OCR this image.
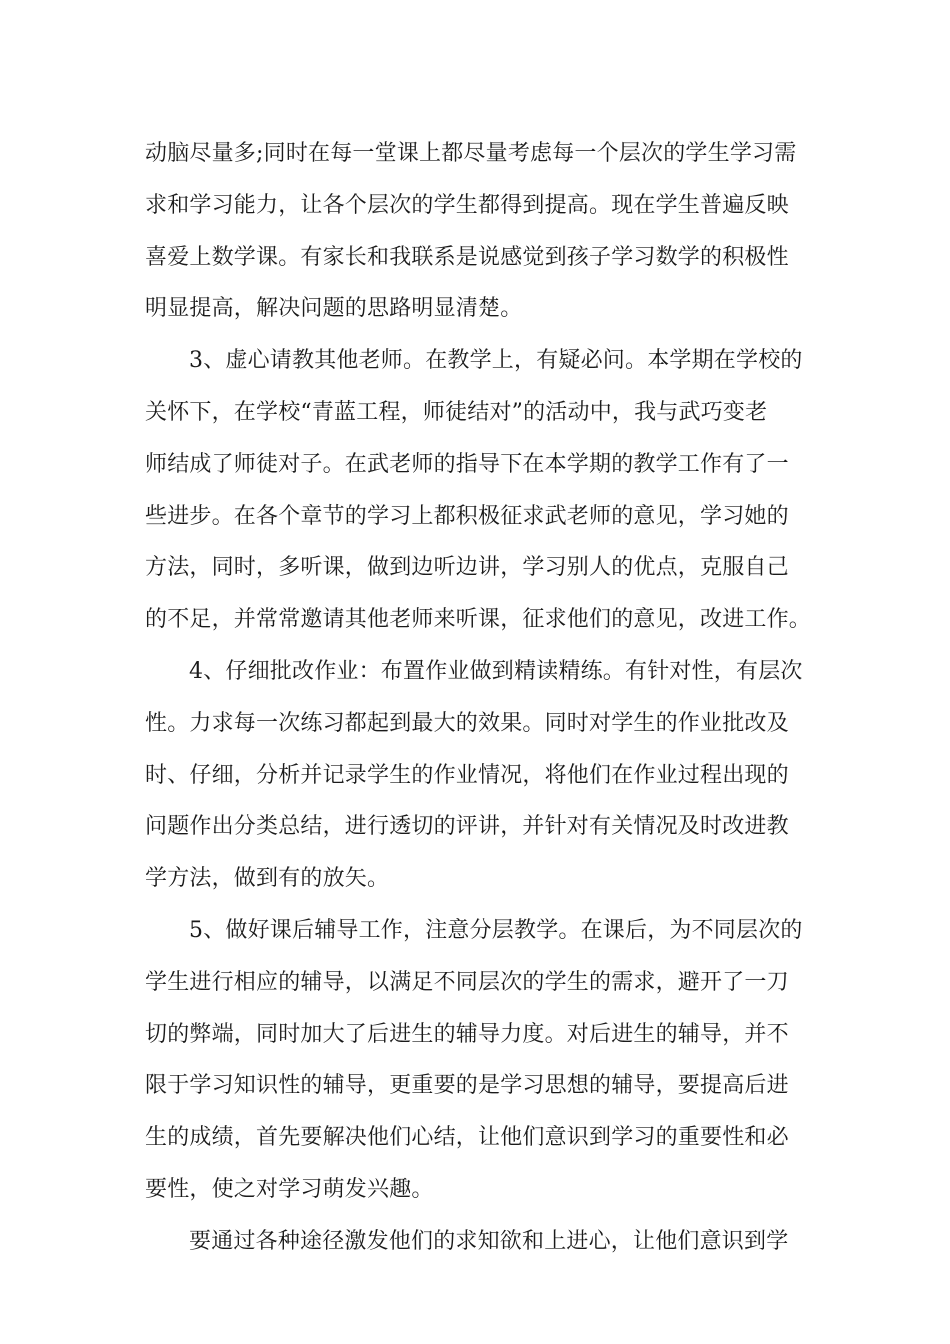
动脑尽量多;同时在每一堂课上都尽量考虑每一个层次的学生学习需
求和学习能力，让各个层次的学生都得到提高。现在学生普遍反映
喜爱上数学课。有家长和我联系是说感觉到孩子学习数学的积极性
明显提高，解决问题的思路明显清楚。
3、虚心请教其他老师。在教学上，有疑必问。本学期在学校的
关怀下，在学校“青蓝工程，师徒结对”的活动中，我与武巧变老
师结成了师徒对子。在武老师的指导下在本学期的教学工作有了一
些进步。在各个章节的学习上都积极征求武老师的意见，学习她的
方法，同时，多听课，做到边听边讲，学习别人的优点，克服自己
的不足，并常常邀请其他老师来听课，征求他们的意见，改进工作。
4、仔细批改作业：布置作业做到精读精练。有针对性，有层次
性。力求每一次练习都起到最大的效果。同时对学生的作业批改及
时、仔细，分析并记录学生的作业情况，将他们在作业过程出现的
问题作出分类总结，进行透切的评讲，并针对有关情况及时改进教
学方法，做到有的放矢。
5、做好课后辅导工作，注意分层教学。在课后，为不同层次的
学生进行相应的辅导，以满足不同层次的学生的需求，避开了一刀
切的弊端，同时加大了后进生的辅导力度。对后进生的辅导，并不
限于学习知识性的辅导，更重要的是学习思想的辅导，要提高后进
生的成绩，首先要解决他们心结，让他们意识到学习的重要性和必
要性，使之对学习萌发兴趣。
要通过各种途径激发他们的求知欲和上进心，让他们意识到学
